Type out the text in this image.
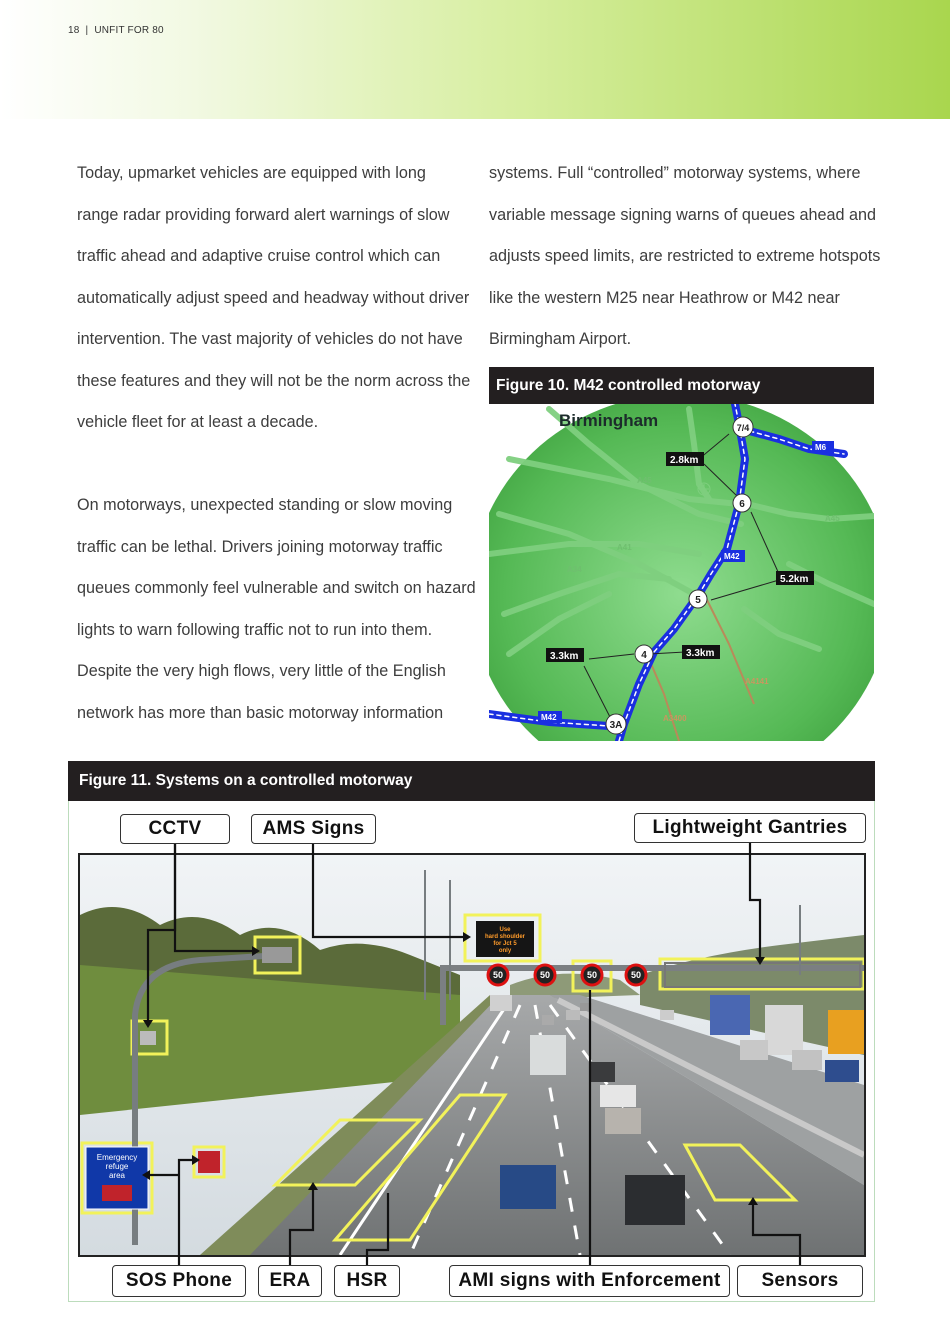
18 | UNFIT FOR 80

Today, upmarket vehicles are equipped with long

range radar providing forward alert warnings of slow

traffic ahead and adaptive cruise control which can

automatically adjust speed and headway without driver

intervention. The vast majority of vehicles do not have

these features and they will not be the norm across the

vehicle fleet for at least a decade.

On motorways, unexpected standing or slow moving

traffic can be lethal. Drivers joining motorway traffic

queues commonly feel vulnerable and switch on hazard

lights to warn following traffic not to run into them.

Despite the very high flows, very little of the English

network has more than basic motorway information

systems. Full “controlled” motorway systems, where

variable message signing warns of queues ahead and

adjusts speed limits, are restricted to extreme hotspots

like the western M25 near Heathrow or M42 near

Birmingham Airport.

Figure 10. M42 controlled motorway
Birmingham
M6
M42
M42
A45
A45
A41
A34
A4141
A3400
2.8km
5.2km
3.3km	3.3km
7/4
6
5
4
3A
Figure 11. Systems on a controlled motorway
50	50	50	50
Use
hard shoulder
for Jct 5
only
Emergency
refuge
area
CCTV	AMS Signs	Lightweight Gantries
SOS Phone	ERA	HSR	AMI signs with Enforcement	Sensors
